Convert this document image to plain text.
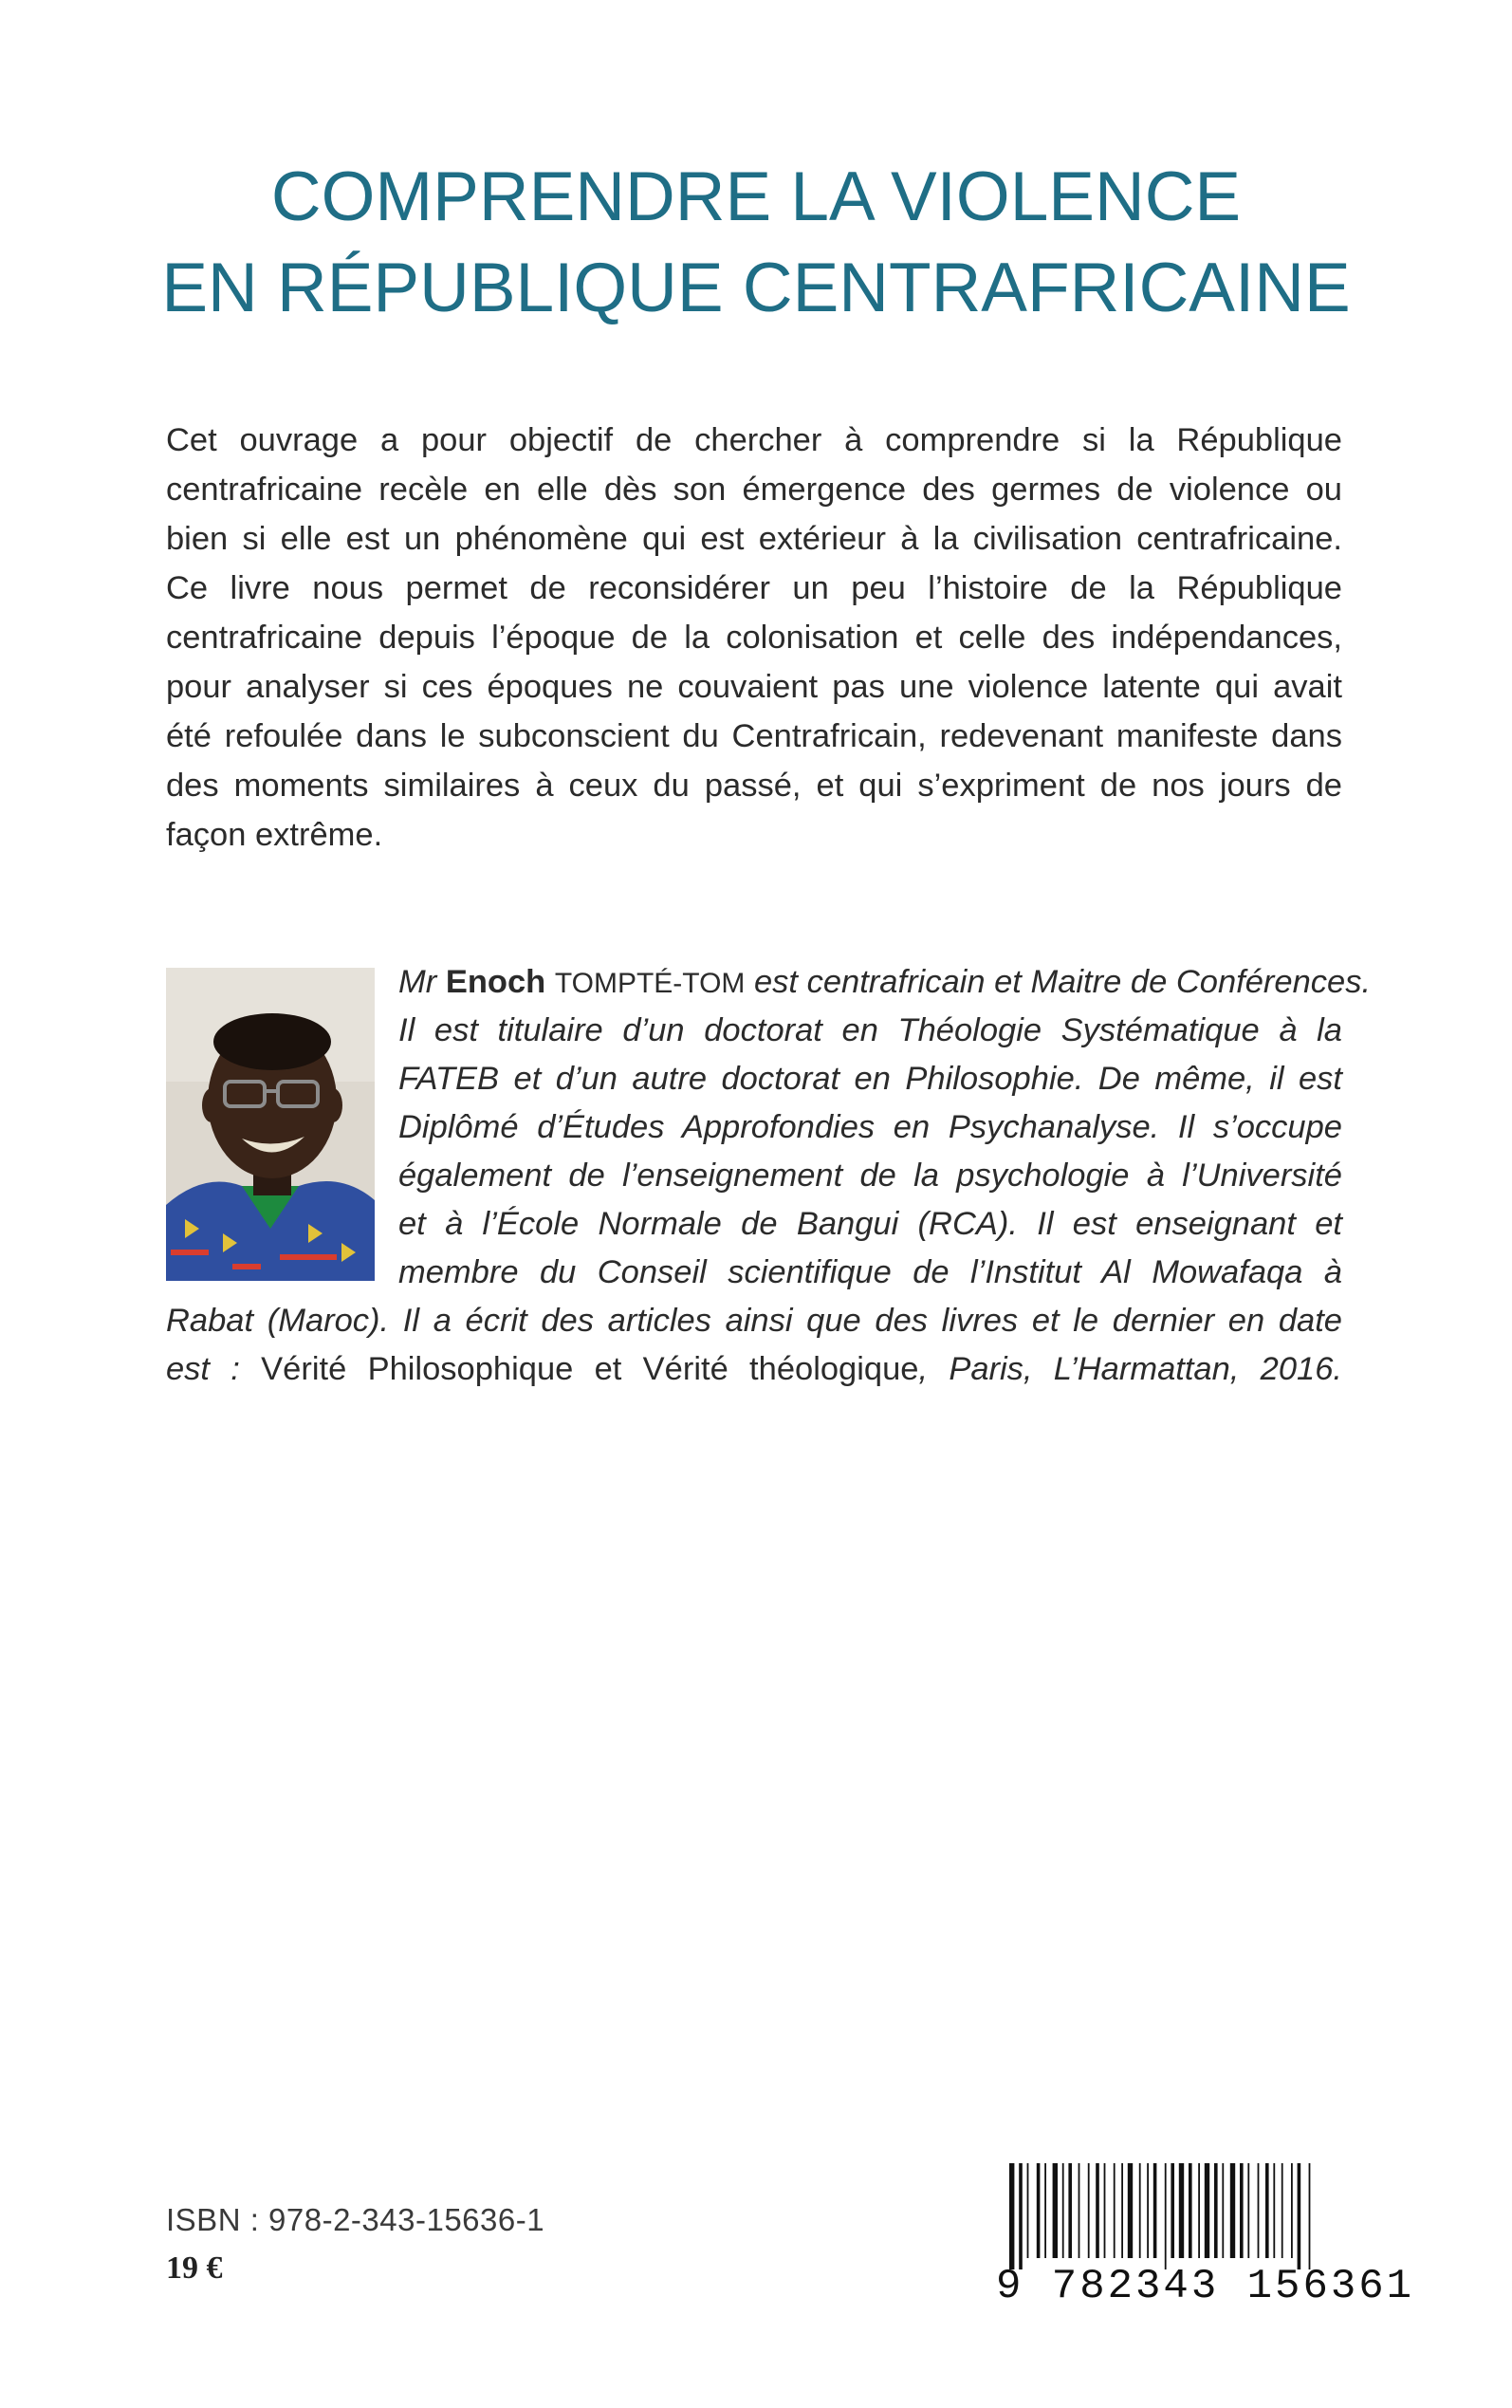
COMPRENDRE LA VIOLENCE
EN RÉPUBLIQUE CENTRAFRICAINE
Cet ouvrage a pour objectif de chercher à comprendre si la République
centrafricaine recèle en elle dès son émergence des germes de violence ou
bien si elle est un phénomène qui est extérieur à la civilisation centrafricaine.
Ce livre nous permet de reconsidérer un peu l’histoire de la République
centrafricaine depuis l’époque de la colonisation et celle des indépendances,
pour analyser si ces époques ne couvaient pas une violence latente qui avait
été refoulée dans le subconscient du Centrafricain, redevenant manifeste dans
des moments similaires à ceux du passé, et qui s’expriment de nos jours de
façon extrême.
Mr Enoch TOMPTÉ-TOM est centrafricain et Maitre de Conférences.
Il est titulaire d’un doctorat en Théologie Systématique à la
FATEB et d’un autre doctorat en Philosophie. De même, il est
Diplômé d’Études Approfondies en Psychanalyse. Il s’occupe
également de l’enseignement de la psychologie à l’Université
et à l’École Normale de Bangui (RCA). Il est enseignant et
membre du Conseil scientifique de l’Institut Al Mowafaqa à
Rabat (Maroc). Il a écrit des articles ainsi que des livres et le dernier en date
est : Vérité Philosophique et Vérité théologique, Paris, L’Harmattan, 2016.
ISBN : 978-2-343-15636-1
19 €	9 782343 156361
